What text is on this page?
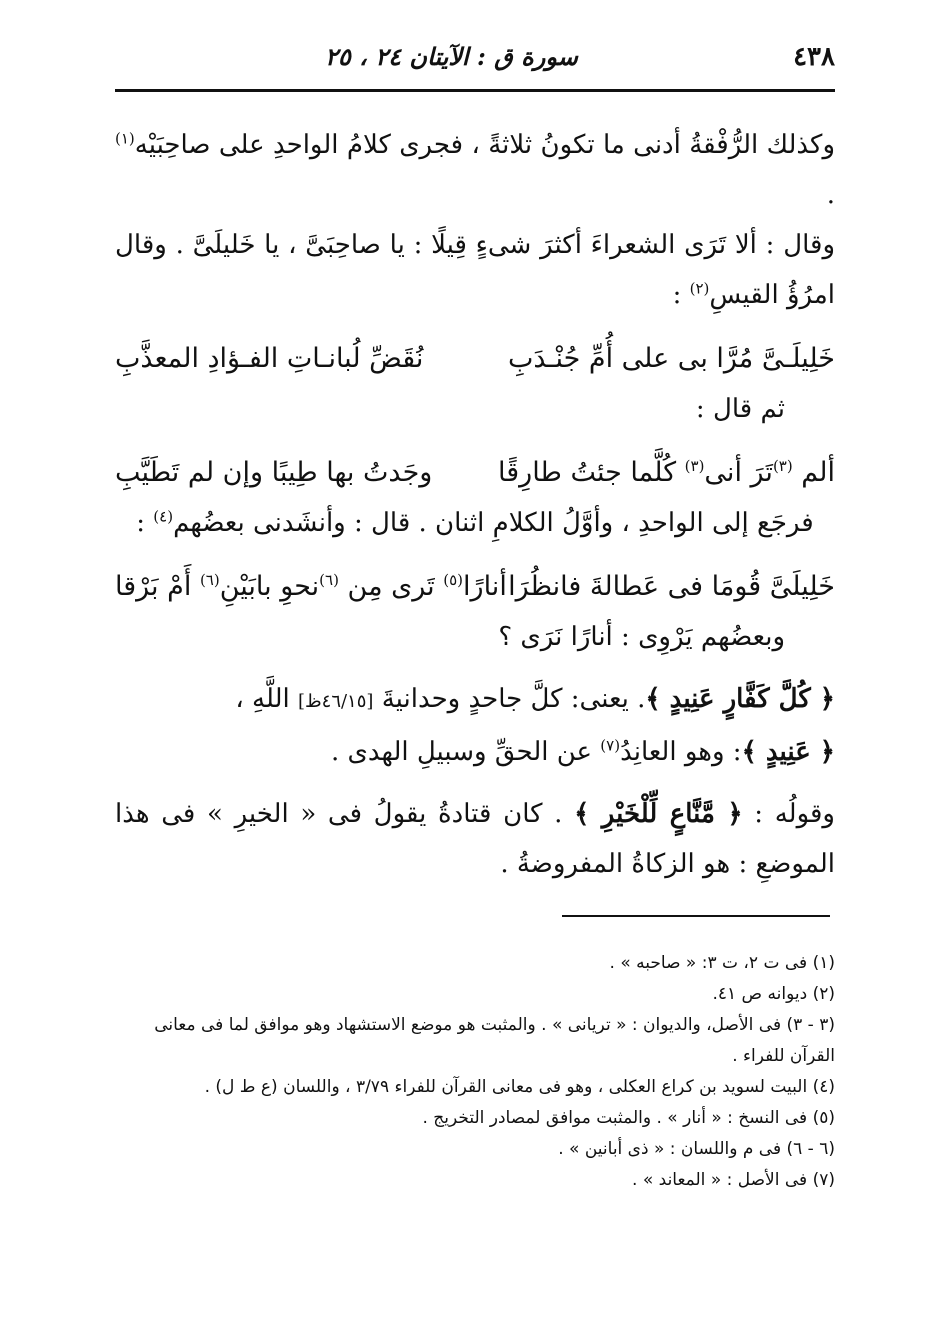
٤٣٨
سورة ق : الآيتان ٢٤ ، ٢٥

وكذلك الرُّفْقةُ أدنى ما تكونُ ثلاثةً ، فجرى كلامُ الواحدِ على صاحِبَيْه$^{(١)}$ .

وقال : ألا تَرَى الشعراءَ أكثرَ شىءٍ قِيلًا : يا صاحِبَىَّ ، يا خَليلَىَّ . وقال امرُؤُ القيسِ$^{(٢)}$ :

خَلِيلَـىَّ مُرَّا بى على أُمِّ جُنْـدَبِ
نُقَضِّ لُبانـاتِ الفـؤادِ المعذَّبِ
ثم قال :
ألم $^{(٣)}$تَرَ أنى$^{(٣)}$ كُلَّما جئتُ طارِقًا
وجَدتُ بها طِيبًا وإن لم تَطَيَّبِ
فرجَع إلى الواحدِ ، وأوَّلُ الكلامِ اثنان . قال : وأنشَدنى بعضُهم$^{(٤)}$ :
خَلِيلَىَّ قُومَا فى عَطالةَ فانظُرَا
أنارًا$^{(٥)}$ تَرى مِن $^{(٦)}$نحوِ بابَيْنِ$^{(٦)}$ أَمْ بَرْقا
وبعضُهم يَرْوِى : أنارًا نَرَى ؟

﴿ كُلَّ كَفَّارٍ عَنِيدٍ ﴾. يعنى: كلَّ جاحدٍ وحدانيةَ [٤٦/١٥ظ] اللَّهِ ،

﴿ عَنِيدٍ ﴾: وهو العانِدُ$^{(٧)}$ عن الحقِّ وسبيلِ الهدى .

وقولُه : ﴿ مَّنَّاعٍ لِّلْخَيْرِ ﴾ . كان قتادةُ يقولُ فى « الخيرِ » فى هذا الموضعِ : هو الزكاةُ المفروضةُ .

(١) فى ت ٢، ت ٣: « صاحبه » .

(٢) ديوانه ص ٤١.

(٣ - ٣) فى الأصل، والديوان : « تريانى » . والمثبت هو موضع الاستشهاد وهو موافق لما فى معانى القرآن للفراء .

(٤) البيت لسويد بن كراع العكلى ، وهو فى معانى القرآن للفراء ٣/٧٩ ، واللسان (ع ط ل) .

(٥) فى النسخ : « أنار » . والمثبت موافق لمصادر التخريج .

(٦ - ٦) فى م واللسان : « ذى أبانين » .

(٧) فى الأصل : « المعاند » .
